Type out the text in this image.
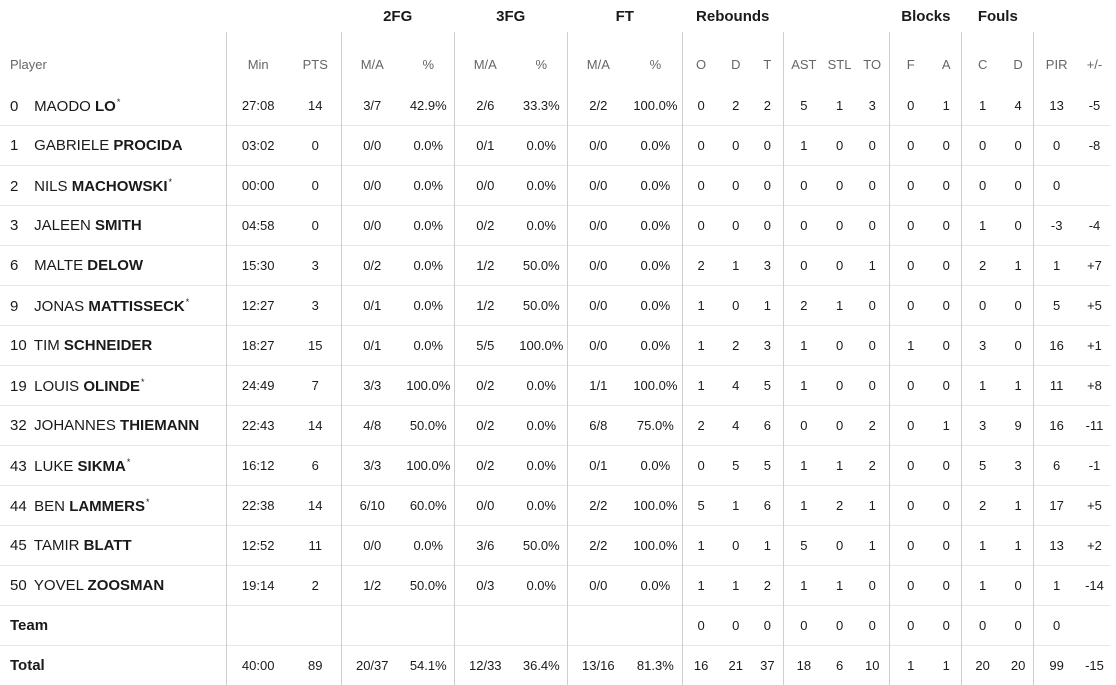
			2FG		3FG		FT		Rebounds						Blocks		Fouls			
Player	Min	PTS	M/A	%	M/A	%	M/A	%	O	D	T	AST	STL	TO	F	A	C	D	PIR	+/-
0 MAODO LO*	27:08	14	3/7	42.9%	2/6	33.3%	2/2	100.0%	0	2	2	5	1	3	0	1	1	4	13	-5
1 GABRIELE PROCIDA	03:02	0	0/0	0.0%	0/1	0.0%	0/0	0.0%	0	0	0	1	0	0	0	0	0	0	0	-8
2 NILS MACHOWSKI*	00:00	0	0/0	0.0%	0/0	0.0%	0/0	0.0%	0	0	0	0	0	0	0	0	0	0	0	
3 JALEEN SMITH	04:58	0	0/0	0.0%	0/2	0.0%	0/0	0.0%	0	0	0	0	0	0	0	0	1	0	-3	-4
6 MALTE DELOW	15:30	3	0/2	0.0%	1/2	50.0%	0/0	0.0%	2	1	3	0	0	1	0	0	2	1	1	+7
9 JONAS MATTISSECK*	12:27	3	0/1	0.0%	1/2	50.0%	0/0	0.0%	1	0	1	2	1	0	0	0	0	0	5	+5
10 TIM SCHNEIDER	18:27	15	0/1	0.0%	5/5	100.0%	0/0	0.0%	1	2	3	1	0	0	1	0	3	0	16	+1
19 LOUIS OLINDE*	24:49	7	3/3	100.0%	0/2	0.0%	1/1	100.0%	1	4	5	1	0	0	0	0	1	1	11	+8
32 JOHANNES THIEMANN	22:43	14	4/8	50.0%	0/2	0.0%	6/8	75.0%	2	4	6	0	0	2	0	1	3	9	16	-11
43 LUKE SIKMA*	16:12	6	3/3	100.0%	0/2	0.0%	0/1	0.0%	0	5	5	1	1	2	0	0	5	3	6	-1
44 BEN LAMMERS*	22:38	14	6/10	60.0%	0/0	0.0%	2/2	100.0%	5	1	6	1	2	1	0	0	2	1	17	+5
45 TAMIR BLATT	12:52	11	0/0	0.0%	3/6	50.0%	2/2	100.0%	1	0	1	5	0	1	0	0	1	1	13	+2
50 YOVEL ZOOSMAN	19:14	2	1/2	50.0%	0/3	0.0%	0/0	0.0%	1	1	2	1	1	0	0	0	1	0	1	-14
Team									0	0	0	0	0	0	0	0	0	0	0	
Total	40:00	89	20/37	54.1%	12/33	36.4%	13/16	81.3%	16	21	37	18	6	10	1	1	20	20	99	-15
